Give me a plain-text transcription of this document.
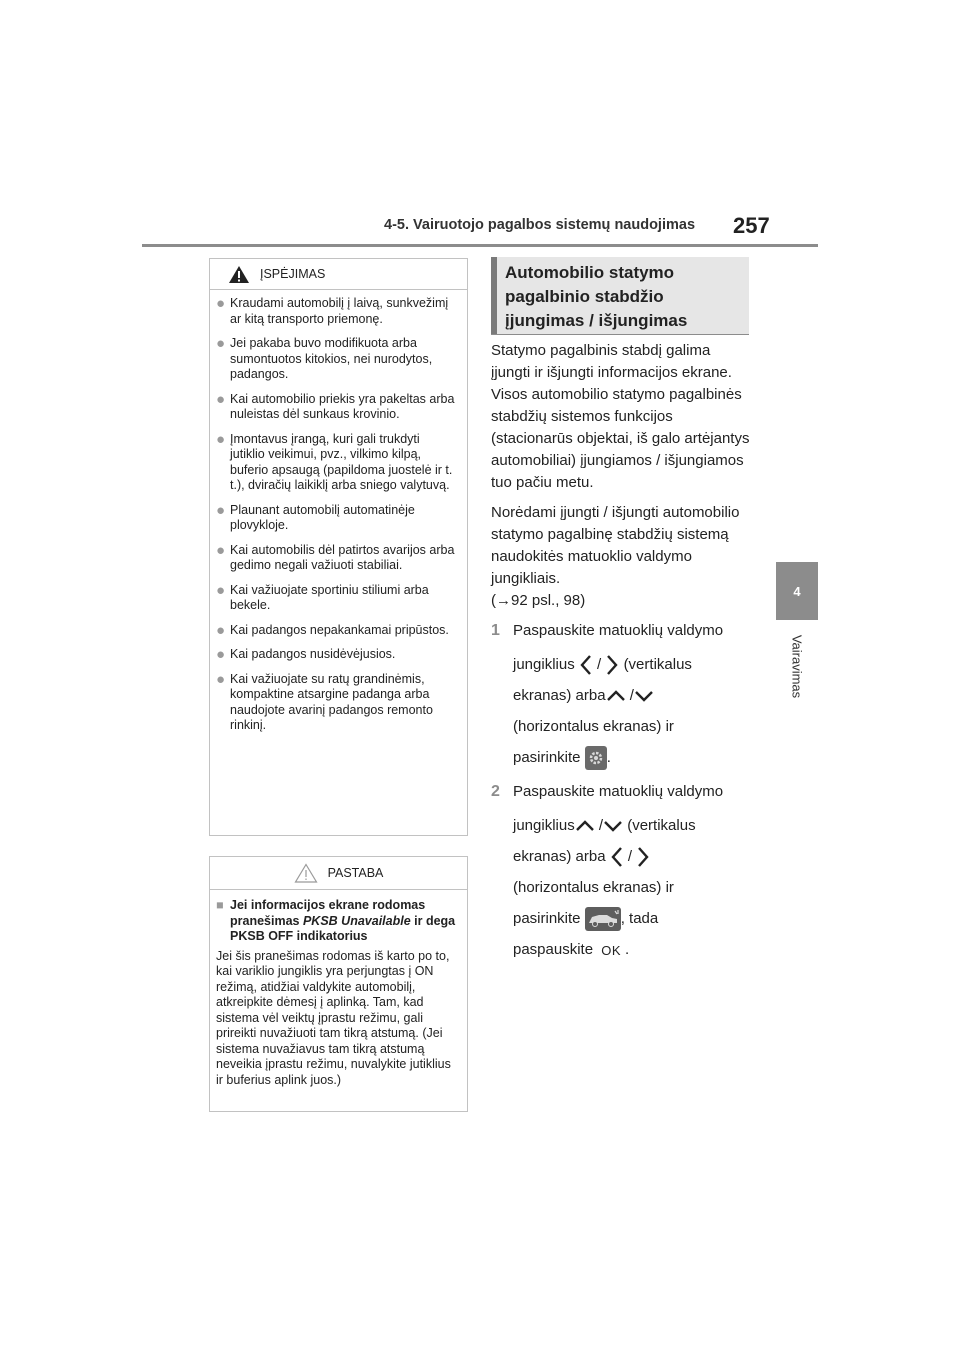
4-5. Vairuotojo pagalbos sistemų naudojimas	257
4
Vairavimas
ĮSPĖJIMAS
● Kraudami automobilį į laivą, sunkvežimį ar kitą transporto priemonę.
● Jei pakaba buvo modifikuota arba sumontuotos kitokios, nei nurodytos, padangos.
● Kai automobilio priekis yra pakeltas arba nuleistas dėl sunkaus krovinio.
● Įmontavus įrangą, kuri gali trukdyti jutiklio veikimui, pvz., vilkimo kilpą, buferio apsaugą (papildoma juostelė ir t. t.), dviračių laikiklį arba sniego valytuvą.
● Plaunant automobilį automatinėje plovykloje.
● Kai automobilis dėl patirtos avarijos arba gedimo negali važiuoti stabiliai.
● Kai važiuojate sportiniu stiliumi arba bekele.
● Kai padangos nepakankamai pripūstos.
● Kai padangos nusidėvėjusios.
● Kai važiuojate su ratų grandinėmis, kompaktine atsargine padanga arba naudojote avarinį padangos remonto rinkinį.
PASTABA
■ Jei informacijos ekrane rodomas pranešimas PKSB Unavailable ir dega PKSB OFF indikatorius
Jei šis pranešimas rodomas iš karto po to, kai variklio jungiklis yra perjungtas į ON režimą, atidžiai valdykite automobilį, atkreipkite dėmesį į aplinką. Tam, kad sistema vėl veiktų įprastu režimu, gali prireikti nuvažiuoti tam tikrą atstumą. (Jei sistema nuvažiavus tam tikrą atstumą neveikia įprastu režimu, nuvalykite jutiklius ir buferius aplink juos.)
Automobilio statymo
pagalbinio stabdžio
įjungimas / išjungimas

Statymo pagalbinis stabdį galima įjungti ir išjungti informacijos ekrane. Visos automobilio statymo pagalbinės stabdžių sistemos funkcijos (stacionarūs objektai, iš galo artėjantys automobiliai) įjungiamos / išjungiamos tuo pačiu metu.

Norėdami įjungti / išjungti automobilio statymo pagalbinę stabdžių sistemą naudokitės matuoklio valdymo jungikliais.
(→92 psl., 98)

1 Paspauskite matuoklių valdymo
jungiklius / (vertikalus
ekranas) arba /
(horizontalus ekranas) ir
pasirinkite .
2 Paspauskite matuoklių valdymo
jungiklius / (vertikalus
ekranas) arba /
(horizontalus ekranas) ir
pasirinkite	, tada
paspauskite OK .
